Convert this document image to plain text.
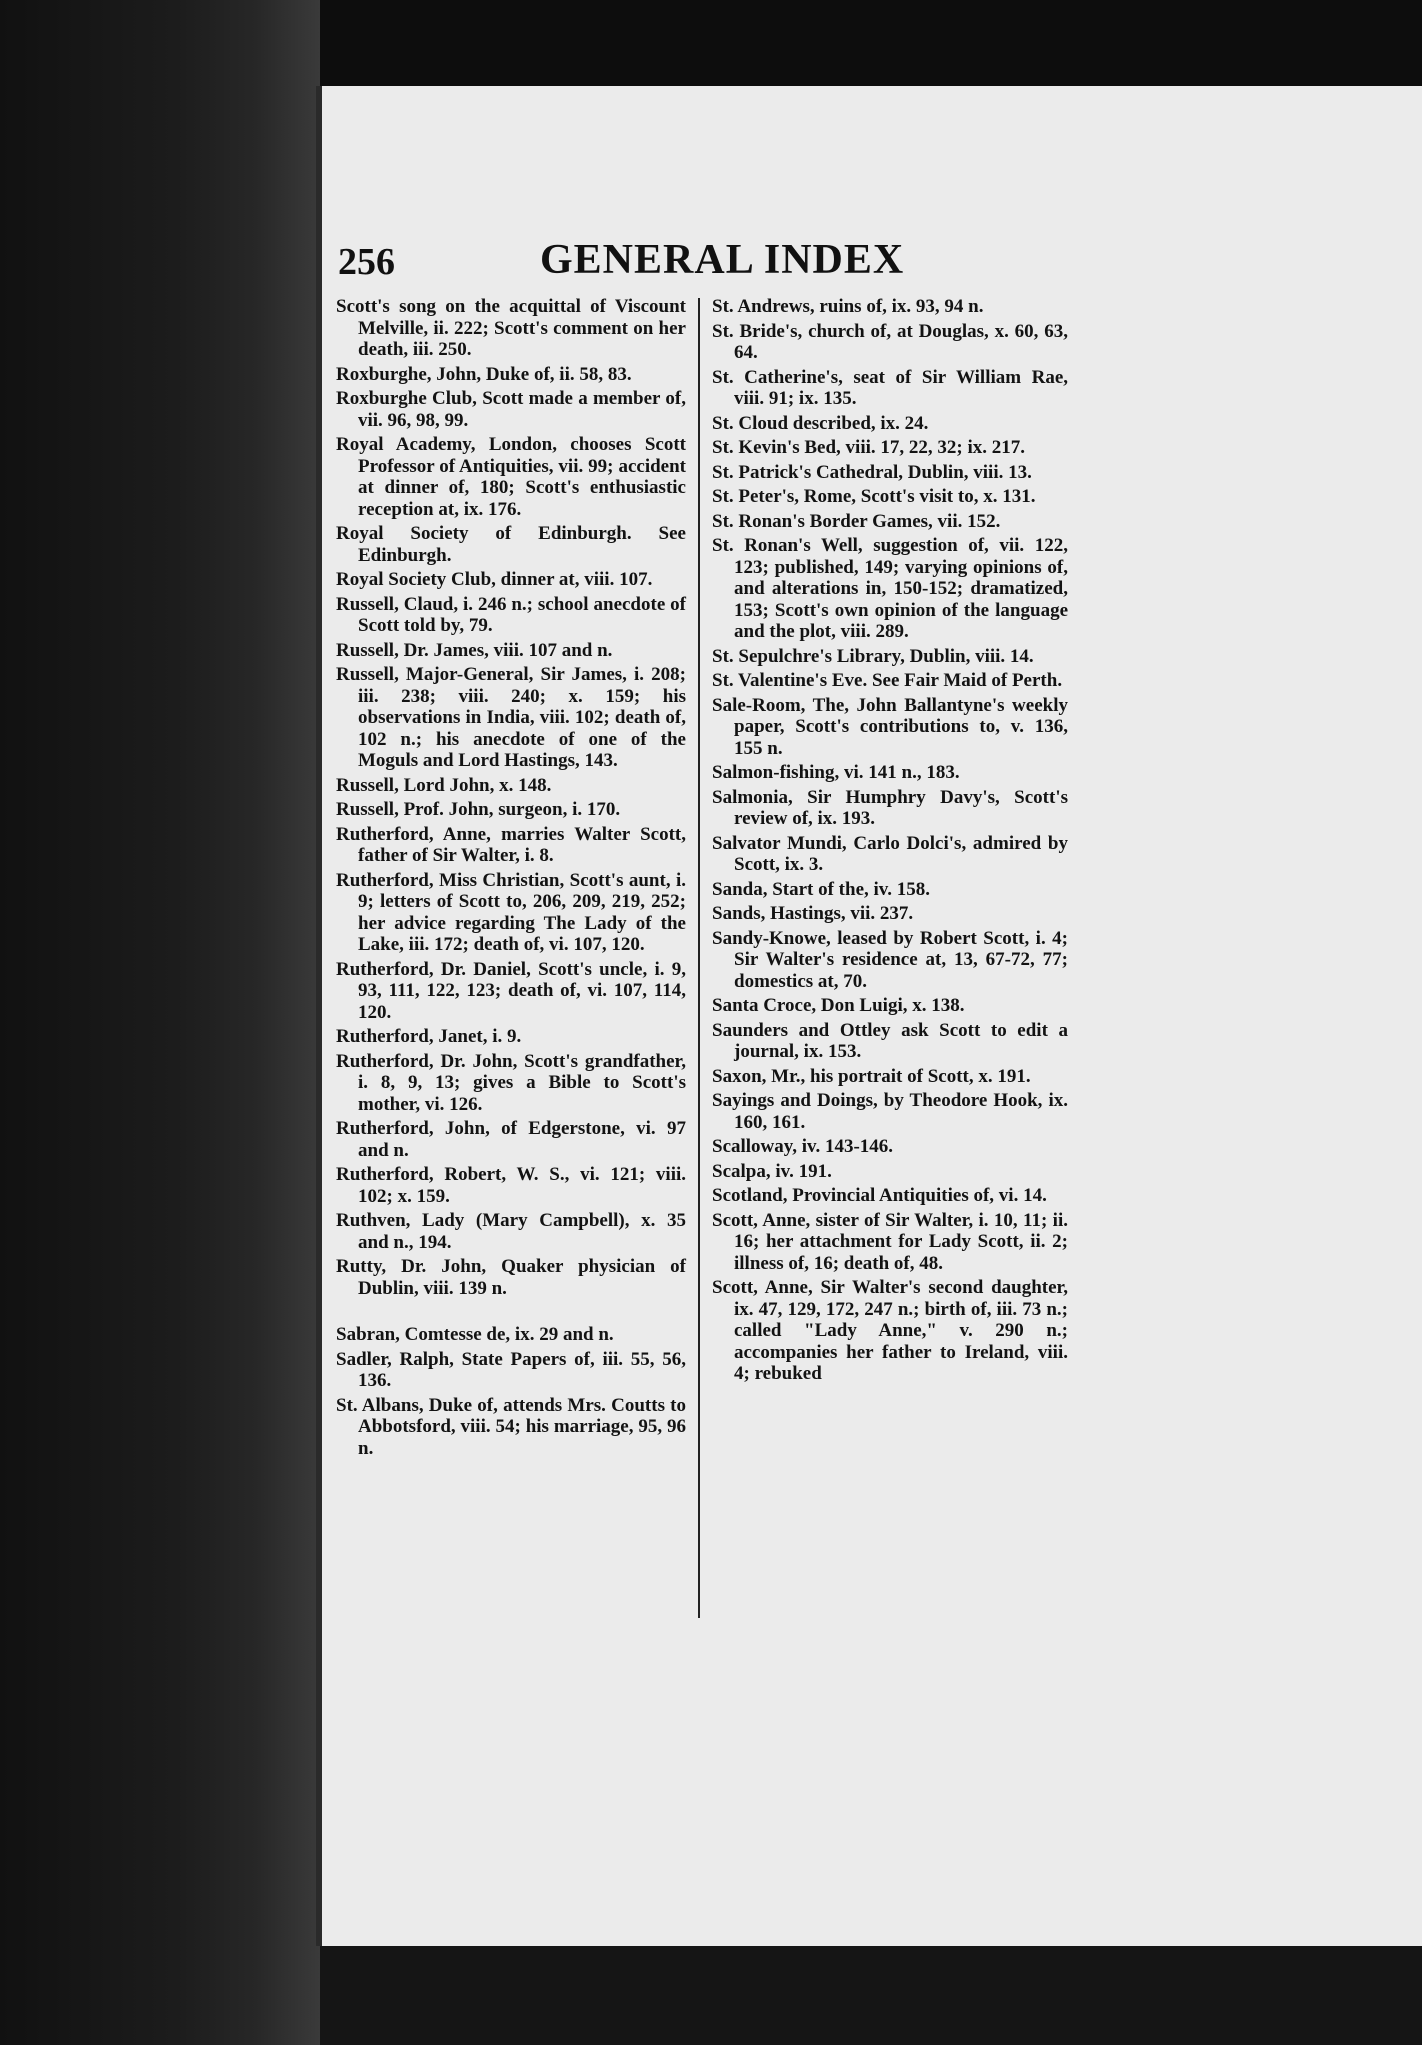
256	GENERAL INDEX
Scott's song on the acquittal of Viscount Melville, ii. 222; Scott's comment on her death, iii. 250.
Roxburghe, John, Duke of, ii. 58, 83.
Roxburghe Club, Scott made a member of, vii. 96, 98, 99.
Royal Academy, London, chooses Scott Professor of Antiquities, vii. 99; accident at dinner of, 180; Scott's enthusiastic reception at, ix. 176.
Royal Society of Edinburgh. See Edinburgh.
Royal Society Club, dinner at, viii. 107.
Russell, Claud, i. 246 n.; school anecdote of Scott told by, 79.
Russell, Dr. James, viii. 107 and n.
Russell, Major-General, Sir James, i. 208; iii. 238; viii. 240; x. 159; his observations in India, viii. 102; death of, 102 n.; his anecdote of one of the Moguls and Lord Hastings, 143.
Russell, Lord John, x. 148.
Russell, Prof. John, surgeon, i. 170.
Rutherford, Anne, marries Walter Scott, father of Sir Walter, i. 8.
Rutherford, Miss Christian, Scott's aunt, i. 9; letters of Scott to, 206, 209, 219, 252; her advice regarding The Lady of the Lake, iii. 172; death of, vi. 107, 120.
Rutherford, Dr. Daniel, Scott's uncle, i. 9, 93, 111, 122, 123; death of, vi. 107, 114, 120.
Rutherford, Janet, i. 9.
Rutherford, Dr. John, Scott's grandfather, i. 8, 9, 13; gives a Bible to Scott's mother, vi. 126.
Rutherford, John, of Edgerstone, vi. 97 and n.
Rutherford, Robert, W. S., vi. 121; viii. 102; x. 159.
Ruthven, Lady (Mary Campbell), x. 35 and n., 194.
Rutty, Dr. John, Quaker physician of Dublin, viii. 139 n.
Sabran, Comtesse de, ix. 29 and n.
Sadler, Ralph, State Papers of, iii. 55, 56, 136.
St. Albans, Duke of, attends Mrs. Coutts to Abbotsford, viii. 54; his marriage, 95, 96 n.
St. Andrews, ruins of, ix. 93, 94 n.
St. Bride's, church of, at Douglas, x. 60, 63, 64.
St. Catherine's, seat of Sir William Rae, viii. 91; ix. 135.
St. Cloud described, ix. 24.
St. Kevin's Bed, viii. 17, 22, 32; ix. 217.
St. Patrick's Cathedral, Dublin, viii. 13.
St. Peter's, Rome, Scott's visit to, x. 131.
St. Ronan's Border Games, vii. 152.
St. Ronan's Well, suggestion of, vii. 122, 123; published, 149; varying opinions of, and alterations in, 150-152; dramatized, 153; Scott's own opinion of the language and the plot, viii. 289.
St. Sepulchre's Library, Dublin, viii. 14.
St. Valentine's Eve. See Fair Maid of Perth.
Sale-Room, The, John Ballantyne's weekly paper, Scott's contributions to, v. 136, 155 n.
Salmon-fishing, vi. 141 n., 183.
Salmonia, Sir Humphry Davy's, Scott's review of, ix. 193.
Salvator Mundi, Carlo Dolci's, admired by Scott, ix. 3.
Sanda, Start of the, iv. 158.
Sands, Hastings, vii. 237.
Sandy-Knowe, leased by Robert Scott, i. 4; Sir Walter's residence at, 13, 67-72, 77; domestics at, 70.
Santa Croce, Don Luigi, x. 138.
Saunders and Ottley ask Scott to edit a journal, ix. 153.
Saxon, Mr., his portrait of Scott, x. 191.
Sayings and Doings, by Theodore Hook, ix. 160, 161.
Scalloway, iv. 143-146.
Scalpa, iv. 191.
Scotland, Provincial Antiquities of, vi. 14.
Scott, Anne, sister of Sir Walter, i. 10, 11; ii. 16; her attachment for Lady Scott, ii. 2; illness of, 16; death of, 48.
Scott, Anne, Sir Walter's second daughter, ix. 47, 129, 172, 247 n.; birth of, iii. 73 n.; called "Lady Anne," v. 290 n.; accompanies her father to Ireland, viii. 4; rebuked
